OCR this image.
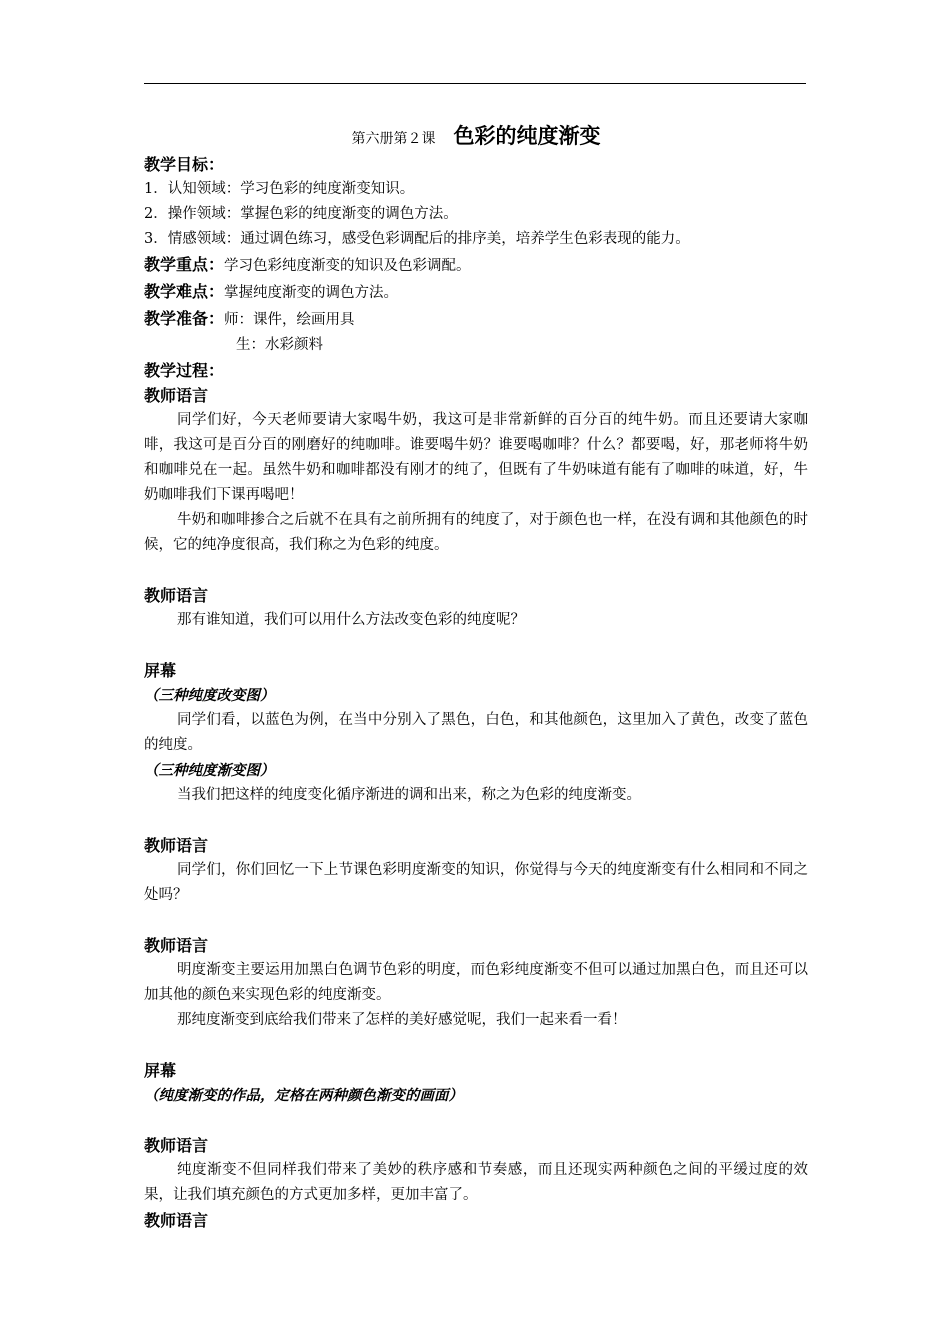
第六册第２课 色彩的纯度渐变
教学目标：
1．认知领域：学习色彩的纯度渐变知识。
2．操作领域：掌握色彩的纯度渐变的调色方法。
3．情感领域：通过调色练习，感受色彩调配后的排序美，培养学生色彩表现的能力。
教学重点：学习色彩纯度渐变的知识及色彩调配。
教学难点：掌握纯度渐变的调色方法。
教学准备：师：课件，绘画用具
生：水彩颜料
教学过程：
教师语言
同学们好，今天老师要请大家喝牛奶，我这可是非常新鲜的百分百的纯牛奶。而且还要请大家咖啡，我这可是百分百的刚磨好的纯咖啡。谁要喝牛奶？谁要喝咖啡？什么？都要喝，好，那老师将牛奶和咖啡兑在一起。虽然牛奶和咖啡都没有刚才的纯了，但既有了牛奶味道有能有了咖啡的味道，好，牛奶咖啡我们下课再喝吧！
牛奶和咖啡掺合之后就不在具有之前所拥有的纯度了，对于颜色也一样，在没有调和其他颜色的时候，它的纯净度很高，我们称之为色彩的纯度。
教师语言
那有谁知道，我们可以用什么方法改变色彩的纯度呢？
屏幕
（三种纯度改变图）
同学们看，以蓝色为例，在当中分别入了黑色，白色，和其他颜色，这里加入了黄色，改变了蓝色的纯度。
（三种纯度渐变图）
当我们把这样的纯度变化循序渐进的调和出来，称之为色彩的纯度渐变。
教师语言
同学们，你们回忆一下上节课色彩明度渐变的知识，你觉得与今天的纯度渐变有什么相同和不同之处吗？
教师语言
明度渐变主要运用加黑白色调节色彩的明度，而色彩纯度渐变不但可以通过加黑白色，而且还可以加其他的颜色来实现色彩的纯度渐变。
那纯度渐变到底给我们带来了怎样的美好感觉呢，我们一起来看一看！
屏幕
（纯度渐变的作品，定格在两种颜色渐变的画面）
教师语言
纯度渐变不但同样我们带来了美妙的秩序感和节奏感，而且还现实两种颜色之间的平缓过度的效果，让我们填充颜色的方式更加多样，更加丰富了。
教师语言
